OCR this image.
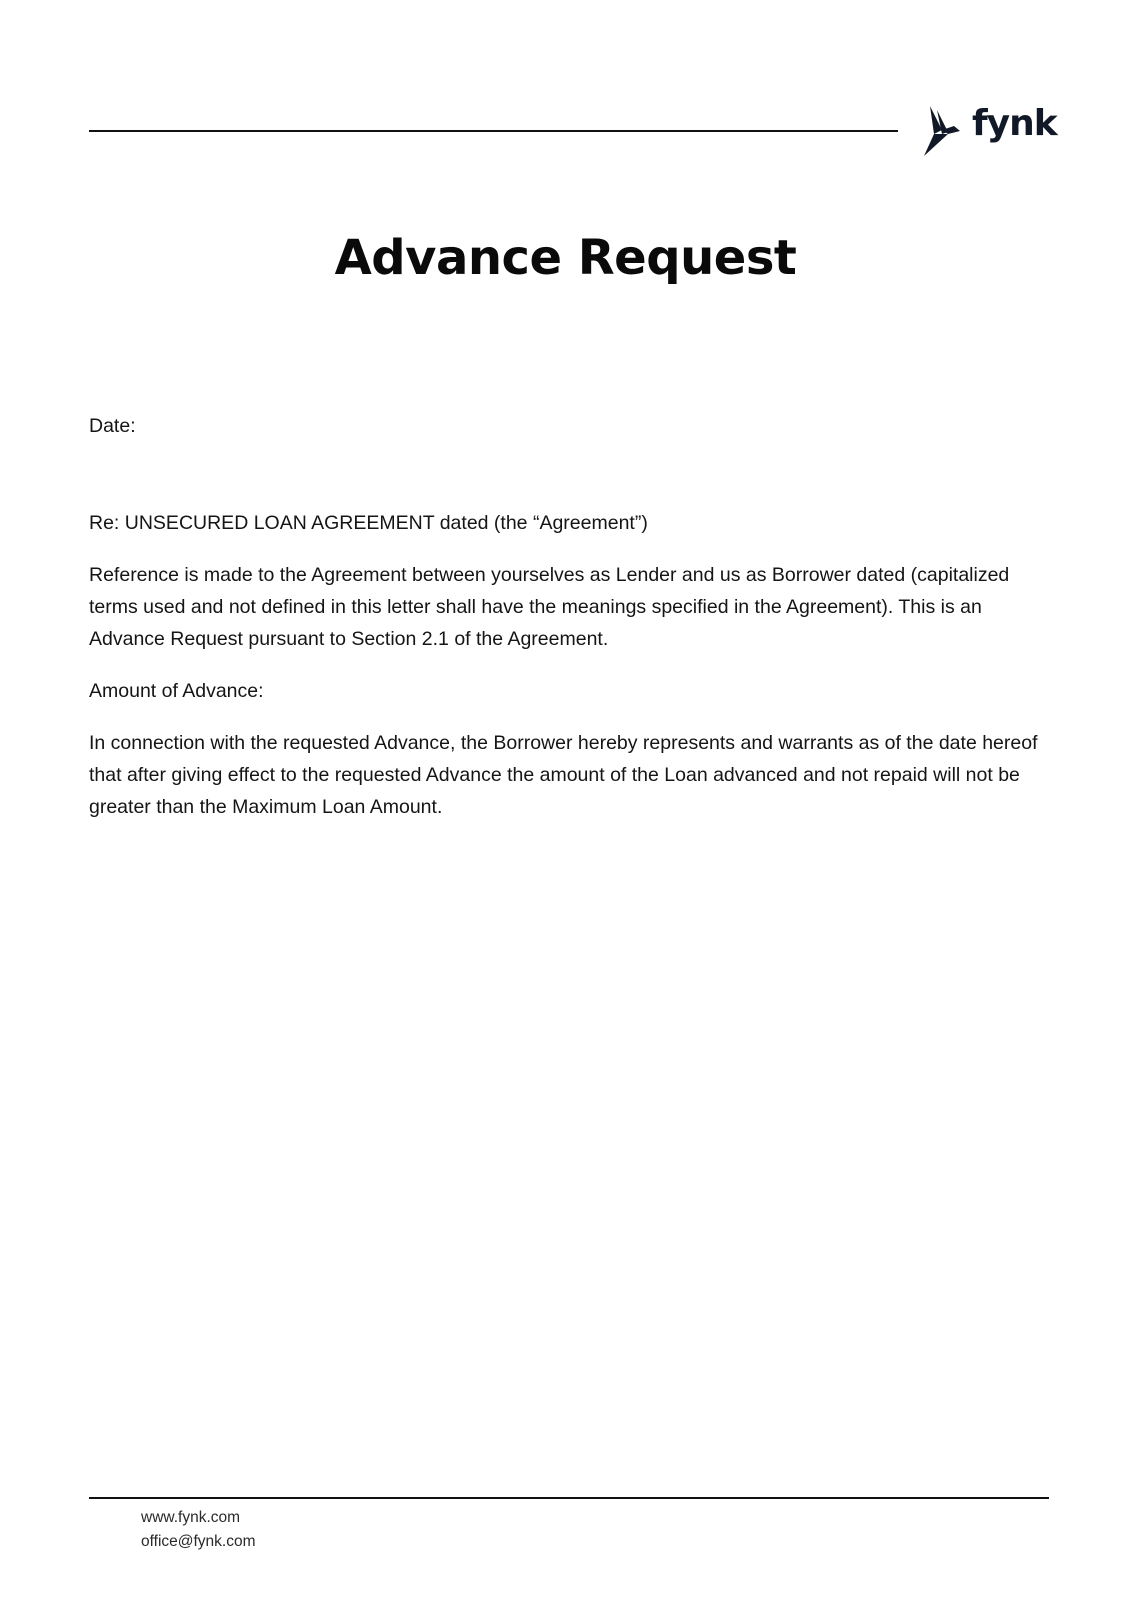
fynk
Advance Request

Date:

Re: UNSECURED LOAN AGREEMENT dated (the “Agreement”)

Reference is made to the Agreement between yourselves as Lender and us as Borrower dated (capitalized terms used and not defined in this letter shall have the meanings specified in the Agreement). This is an Advance Request pursuant to Section 2.1 of the Agreement.

Amount of Advance:

In connection with the requested Advance, the Borrower hereby represents and warrants as of the date hereof that after giving effect to the requested Advance the amount of the Loan advanced and not repaid will not be greater than the Maximum Loan Amount.

www.fynk.com
office@fynk.com
